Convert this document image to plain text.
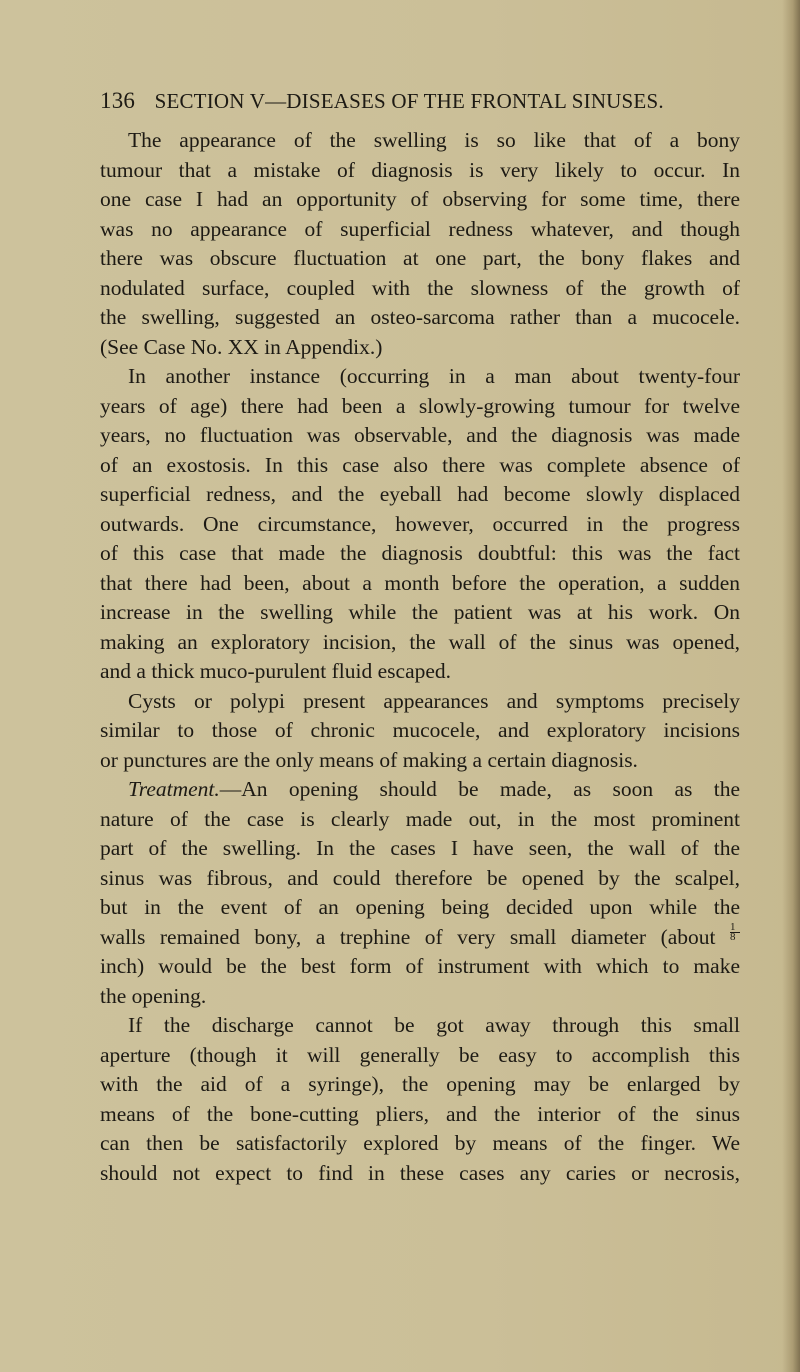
136 SECTION V—DISEASES OF THE FRONTAL SINUSES.
The appearance of the swelling is so like that of a bony
tumour that a mistake of diagnosis is very likely to occur. In
one case I had an opportunity of observing for some time, there
was no appearance of superficial redness whatever, and though
there was obscure fluctuation at one part, the bony flakes and
nodulated surface, coupled with the slowness of the growth of
the swelling, suggested an osteo-sarcoma rather than a mucocele.
(See Case No. XX in Appendix.)
In another instance (occurring in a man about twenty-four
years of age) there had been a slowly-growing tumour for twelve
years, no fluctuation was observable, and the diagnosis was made
of an exostosis. In this case also there was complete absence of
superficial redness, and the eyeball had become slowly displaced
outwards. One circumstance, however, occurred in the progress
of this case that made the diagnosis doubtful: this was the fact
that there had been, about a month before the operation, a sudden
increase in the swelling while the patient was at his work. On
making an exploratory incision, the wall of the sinus was opened,
and a thick muco-purulent fluid escaped.
Cysts or polypi present appearances and symptoms precisely
similar to those of chronic mucocele, and exploratory incisions
or punctures are the only means of making a certain diagnosis.
Treatment.—An opening should be made, as soon as the
nature of the case is clearly made out, in the most prominent
part of the swelling. In the cases I have seen, the wall of the
sinus was fibrous, and could therefore be opened by the scalpel,
but in the event of an opening being decided upon while the
walls remained bony, a trephine of very small diameter (about $\frac{1}{8}$
inch) would be the best form of instrument with which to make
the opening.
If the discharge cannot be got away through this small
aperture (though it will generally be easy to accomplish this
with the aid of a syringe), the opening may be enlarged by
means of the bone-cutting pliers, and the interior of the sinus
can then be satisfactorily explored by means of the finger. We
should not expect to find in these cases any caries or necrosis,
